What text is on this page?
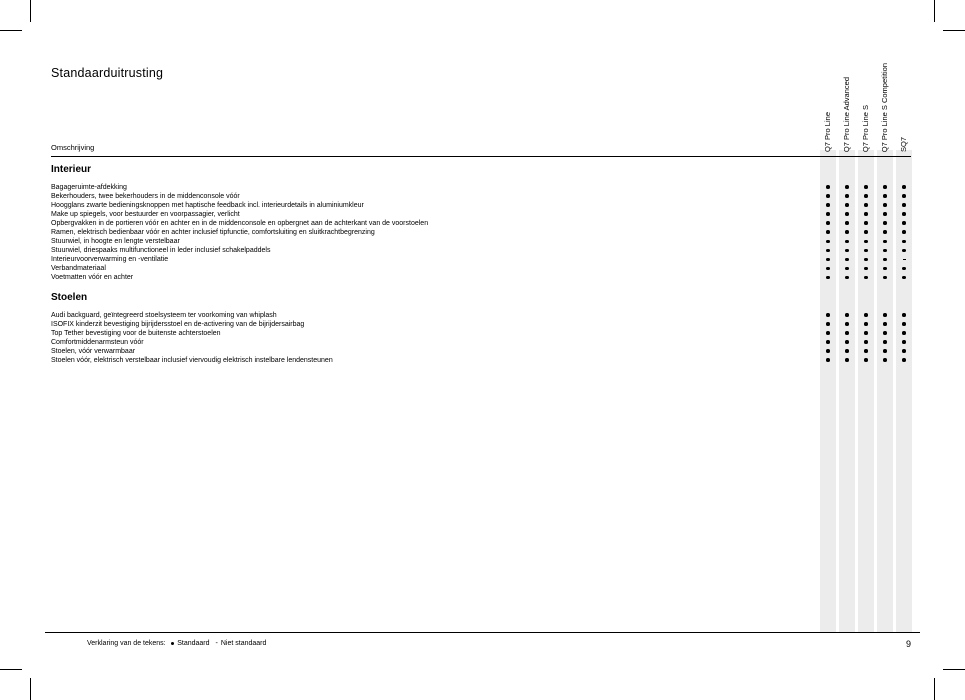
Q7 Pro Line Q7 Pro Line Advanced Q7 Pro Line S Q7 Pro Line S Competition SQ7
Standaarduitrusting
Omschrijving
Interieur
Bagageruimte-afdekking
Bekerhouders, twee bekerhouders in de middenconsole vóór
Hoogglans zwarte bedieningsknoppen met haptische feedback incl. interieurdetails in aluminiumkleur
Make up spiegels, voor bestuurder en voorpassagier, verlicht
Opbergvakken in de portieren vóór en achter en in de middenconsole en opbergnet aan de achterkant van de voorstoelen
Ramen, elektrisch bedienbaar vóór en achter inclusief tipfunctie, comfortsluiting en sluitkrachtbegrenzing
Stuurwiel, in hoogte en lengte verstelbaar
Stuurwiel, driespaaks multifunctioneel in leder inclusief schakelpaddels
Interieurvoorverwarming en -ventilatie
Verbandmateriaal
Voetmatten vóór en achter
Stoelen
Audi backguard, geïntegreerd stoelsysteem ter voorkoming van whiplash
ISOFIX kinderzit bevestiging bijrijdersstoel en de-activering van de bijrijdersairbag
Top Tether bevestiging voor de buitenste achterstoelen
Comfortmiddenarmsteun vóór
Stoelen, vóór verwarmbaar
Stoelen vóór, elektrisch verstelbaar inclusief viervoudig elektrisch instelbare lendensteunen
Verklaring van de tekens: Standaard - Niet standaard	9
